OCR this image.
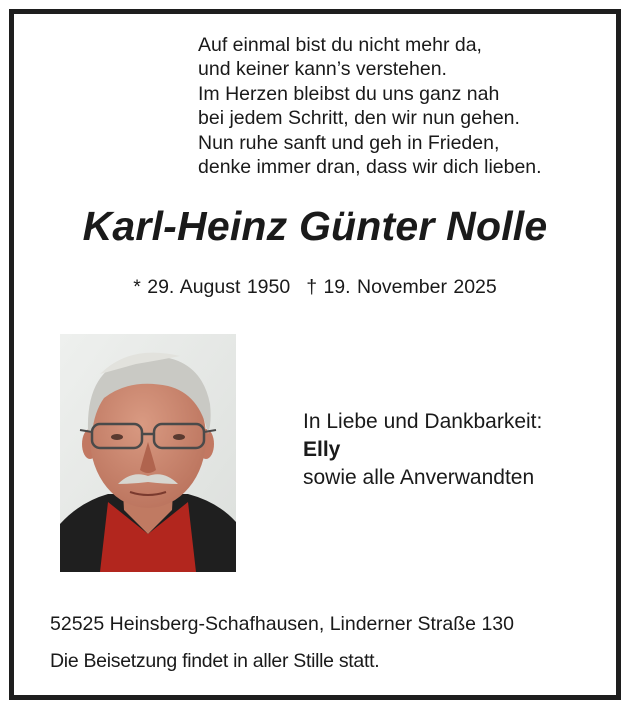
Auf einmal bist du nicht mehr da,
und keiner kann’s verstehen.
Im Herzen bleibst du uns ganz nah
bei jedem Schritt, den wir nun gehen.
Nun ruhe sanft und geh in Frieden,
denke immer dran, dass wir dich lieben.
Karl-Heinz Günter Nolle
* 29. August 1950 † 19. November 2025
In Liebe und Dankbarkeit:
Elly
sowie alle Anverwandten
52525 Heinsberg-Schafhausen, Linderner Straße 130
Die Beisetzung findet in aller Stille statt.
